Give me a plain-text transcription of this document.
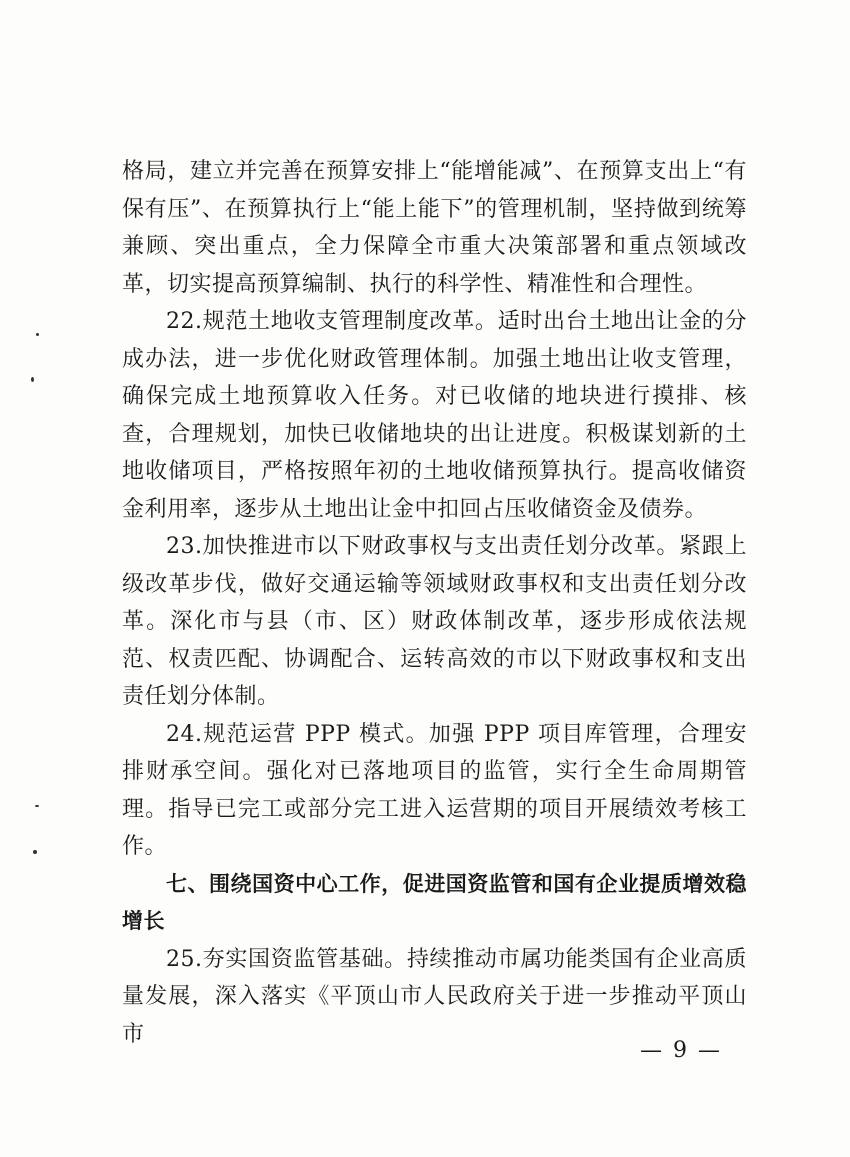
格局，建立并完善在预算安排上“能增能减”、在预算支出上“有保有压”、在预算执行上“能上能下”的管理机制，坚持做到统筹兼顾、突出重点，全力保障全市重大决策部署和重点领域改革，切实提高预算编制、执行的科学性、精准性和合理性。

22.规范土地收支管理制度改革。适时出台土地出让金的分成办法，进一步优化财政管理体制。加强土地出让收支管理，确保完成土地预算收入任务。对已收储的地块进行摸排、核查，合理规划，加快已收储地块的出让进度。积极谋划新的土地收储项目，严格按照年初的土地收储预算执行。提高收储资金利用率，逐步从土地出让金中扣回占压收储资金及债券。

23.加快推进市以下财政事权与支出责任划分改革。紧跟上级改革步伐，做好交通运输等领域财政事权和支出责任划分改革。深化市与县（市、区）财政体制改革，逐步形成依法规范、权责匹配、协调配合、运转高效的市以下财政事权和支出责任划分体制。

24.规范运营 PPP 模式。加强 PPP 项目库管理，合理安排财承空间。强化对已落地项目的监管，实行全生命周期管理。指导已完工或部分完工进入运营期的项目开展绩效考核工作。

七、围绕国资中心工作，促进国资监管和国有企业提质增效稳增长

25.夯实国资监管基础。持续推动市属功能类国有企业高质量发展，深入落实《平顶山市人民政府关于进一步推动平顶山市

— 9 —
